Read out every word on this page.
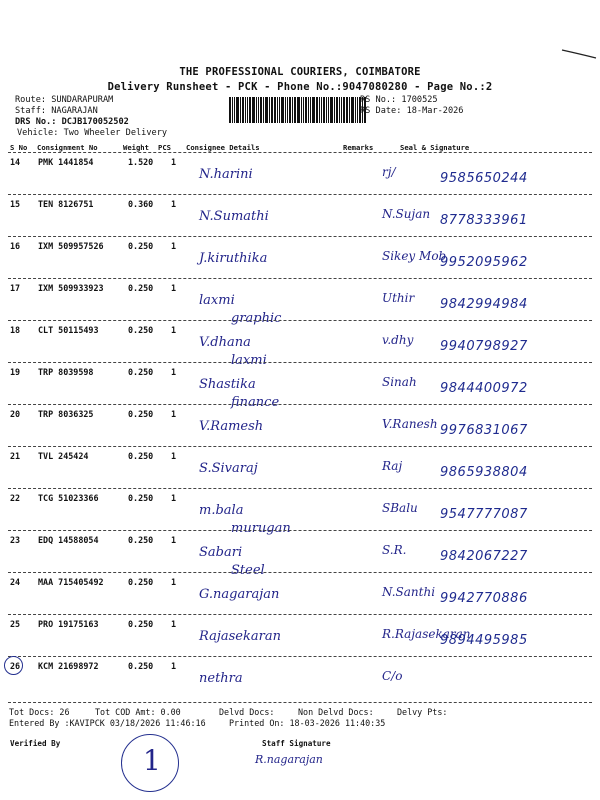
THE PROFESSIONAL COURIERS, COIMBATORE
Delivery Runsheet - PCK - Phone No.:9047080280 - Page No.:2
Route: SUNDARAPURAM
Staff: NAGARAJAN
DRS No.: DCJB170052502
Vehicle: Two Wheeler Delivery
RS No.: 1700525
RS Date: 18-Mar-2026
S No Consignment No	Weight PCS Consignee Details	Remarks	Seal & Signature
14 PMK 1441854	1.520 1
N.harini	rj/	9585650244
15 TEN 8126751	0.360 1
N.Sumathi	N.Sujan 8778333961
16 IXM 509957526	0.250 1
J.kiruthika	Sikey Mob
9952095962
17 IXM 509933923	0.250 1
laxmi
graphic
Uthir 9842994984
18 CLT 50115493	0.250 1
V.dhana
laxmi
v.dhy 9940798927
19 TRP 8039598	0.250 1
Shastika
finance
Sinah 9844400972
20 TRP 8036325	0.250 1
V.Ramesh	V.Ranesh 9976831067
21 TVL 245424	0.250 1
S.Sivaraj	Raj	9865938804
22 TCG 51023366	0.250 1
m.bala
murugan
SBalu 9547777087
23 EDQ 14588054	0.250 1
Sabari
Steel
S.R.	9842067227
24 MAA 715405492	0.250 1
G.nagarajan	N.Santhi 9942770886
25 PRO 19175163	0.250 1
Rajasekaran	R.Rajasekaran
9894495985
26 KCM 21698972	0.250 1
nethra	C/o
Tot Docs: 26	Tot COD Amt: 0.00	Delvd Docs:	Non Delvd Docs:	Delvy Pts:
Entered By :KAVIPCK 03/18/2026 11:46:16	Printed On: 18-03-2026 11:40:35
Verified By	Staff Signature
1	R.nagarajan
